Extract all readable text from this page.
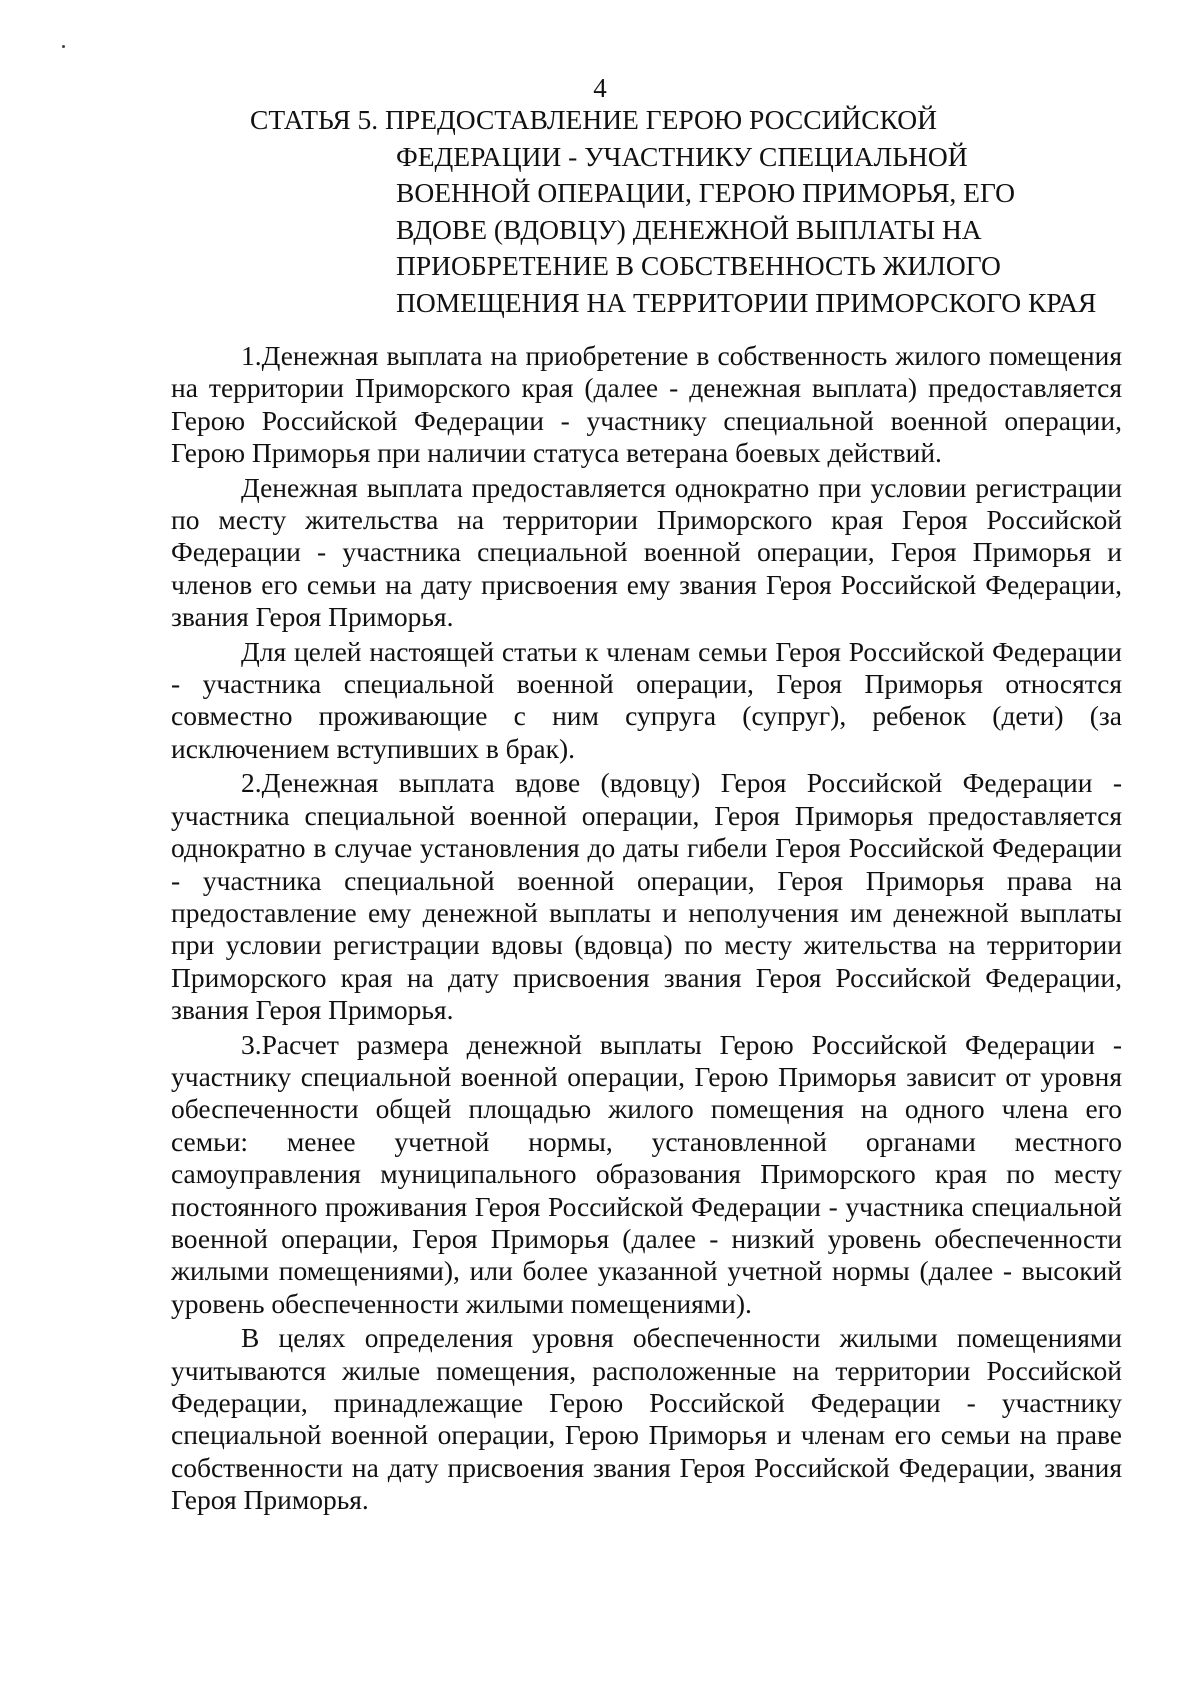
4
СТАТЬЯ 5. ПРЕДОСТАВЛЕНИЕ ГЕРОЮ РОССИЙСКОЙ
ФЕДЕРАЦИИ - УЧАСТНИКУ СПЕЦИАЛЬНОЙ
ВОЕННОЙ ОПЕРАЦИИ, ГЕРОЮ ПРИМОРЬЯ, ЕГО
ВДОВЕ (ВДОВЦУ) ДЕНЕЖНОЙ ВЫПЛАТЫ НА
ПРИОБРЕТЕНИЕ В СОБСТВЕННОСТЬ ЖИЛОГО
ПОМЕЩЕНИЯ НА ТЕРРИТОРИИ ПРИМОРСКОГО КРАЯ

1.Денежная выплата на приобретение в собственность жилого помещения на территории Приморского края (далее - денежная выплата) предоставляется Герою Российской Федерации - участнику специальной военной операции, Герою Приморья при наличии статуса ветерана боевых действий.

Денежная выплата предоставляется однократно при условии регистрации по месту жительства на территории Приморского края Героя Российской Федерации - участника специальной военной операции, Героя Приморья и членов его семьи на дату присвоения ему звания Героя Российской Федерации, звания Героя Приморья.

Для целей настоящей статьи к членам семьи Героя Российской Федерации - участника специальной военной операции, Героя Приморья относятся совместно проживающие с ним супруга (супруг), ребенок (дети) (за исключением вступивших в брак).

2.Денежная выплата вдове (вдовцу) Героя Российской Федерации - участника специальной военной операции, Героя Приморья предоставляется однократно в случае установления до даты гибели Героя Российской Федерации - участника специальной военной операции, Героя Приморья права на предоставление ему денежной выплаты и неполучения им денежной выплаты при условии регистрации вдовы (вдовца) по месту жительства на территории Приморского края на дату присвоения звания Героя Российской Федерации, звания Героя Приморья.

3.Расчет размера денежной выплаты Герою Российской Федерации - участнику специальной военной операции, Герою Приморья зависит от уровня обеспеченности общей площадью жилого помещения на одного члена его семьи: менее учетной нормы, установленной органами местного самоуправления муниципального образования Приморского края по месту постоянного проживания Героя Российской Федерации - участника специальной военной операции, Героя Приморья (далее - низкий уровень обеспеченности жилыми помещениями), или более указанной учетной нормы (далее - высокий уровень обеспеченности жилыми помещениями).

В целях определения уровня обеспеченности жилыми помещениями учитываются жилые помещения, расположенные на территории Российской Федерации, принадлежащие Герою Российской Федерации - участнику специальной военной операции, Герою Приморья и членам его семьи на праве собственности на дату присвоения звания Героя Российской Федерации, звания Героя Приморья.
